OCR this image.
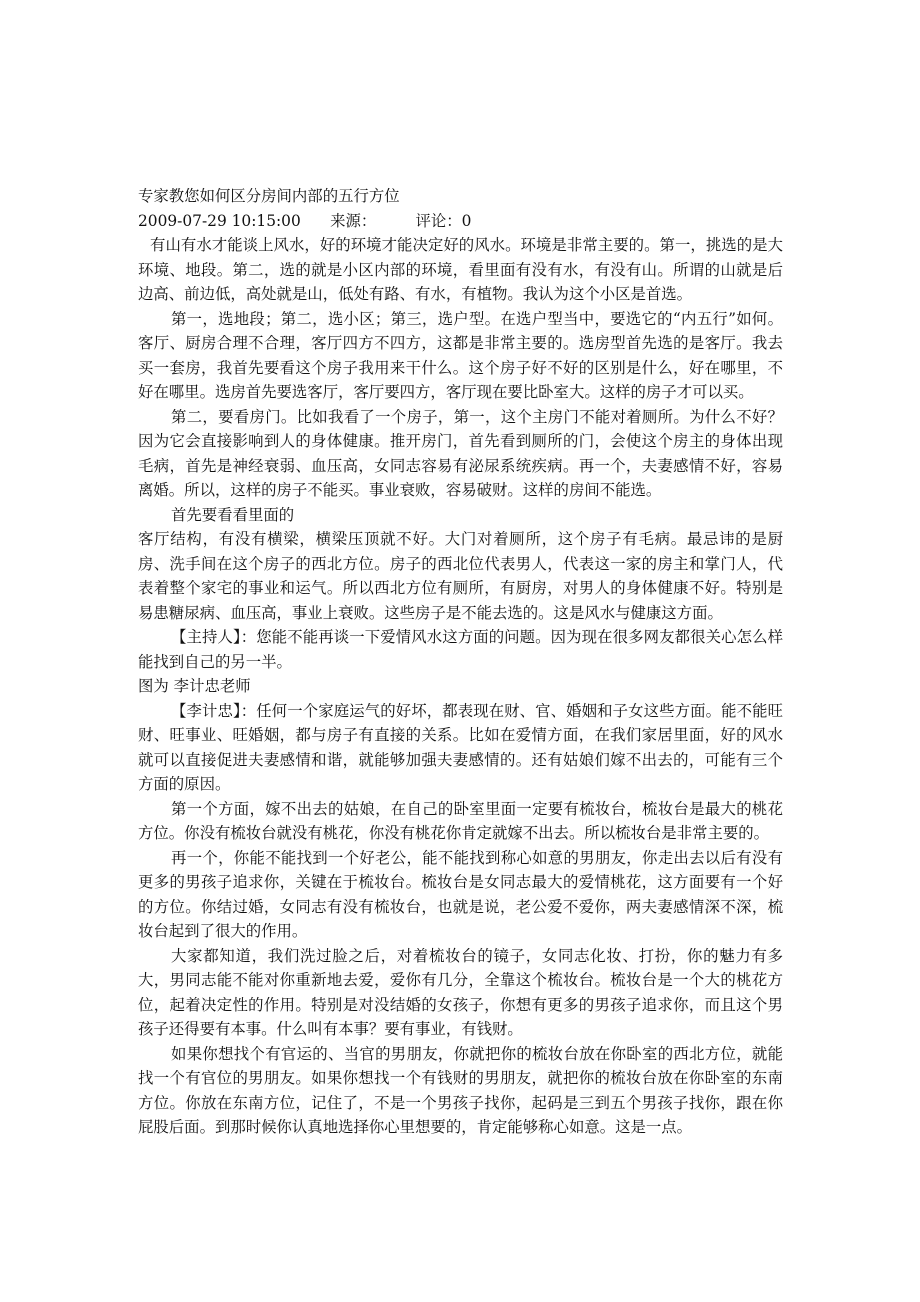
专家教您如何区分房间内部的五行方位

2009-07-29 10:15:00 来源：	评论：0

有山有水才能谈上风水，好的环境才能决定好的风水。环境是非常主要的。第一，挑选的是大环境、地段。第二，选的就是小区内部的环境，看里面有没有水，有没有山。所谓的山就是后边高、前边低，高处就是山，低处有路、有水，有植物。我认为这个小区是首选。

第一，选地段；第二，选小区；第三，选户型。在选户型当中，要选它的“内五行”如何。客厅、厨房合理不合理，客厅四方不四方，这都是非常主要的。选房型首先选的是客厅。我去买一套房，我首先要看这个房子我用来干什么。这个房子好不好的区别是什么，好在哪里，不好在哪里。选房首先要选客厅，客厅要四方，客厅现在要比卧室大。这样的房子才可以买。

第二，要看房门。比如我看了一个房子，第一，这个主房门不能对着厕所。为什么不好？因为它会直接影响到人的身体健康。推开房门，首先看到厕所的门，会使这个房主的身体出现毛病，首先是神经衰弱、血压高，女同志容易有泌尿系统疾病。再一个，夫妻感情不好，容易离婚。所以，这样的房子不能买。事业衰败，容易破财。这样的房间不能选。

首先要看看里面的

客厅结构，有没有横梁，横梁压顶就不好。大门对着厕所，这个房子有毛病。最忌讳的是厨房、洗手间在这个房子的西北方位。房子的西北位代表男人，代表这一家的房主和掌门人，代表着整个家宅的事业和运气。所以西北方位有厕所，有厨房，对男人的身体健康不好。特别是易患糖尿病、血压高，事业上衰败。这些房子是不能去选的。这是风水与健康这方面。

【主持人】：您能不能再谈一下爱情风水这方面的问题。因为现在很多网友都很关心怎么样能找到自己的另一半。

图为 李计忠老师

【李计忠】：任何一个家庭运气的好坏，都表现在财、官、婚姻和子女这些方面。能不能旺财、旺事业、旺婚姻，都与房子有直接的关系。比如在爱情方面，在我们家居里面，好的风水就可以直接促进夫妻感情和谐，就能够加强夫妻感情的。还有姑娘们嫁不出去的，可能有三个方面的原因。

第一个方面，嫁不出去的姑娘，在自己的卧室里面一定要有梳妆台，梳妆台是最大的桃花方位。你没有梳妆台就没有桃花，你没有桃花你肯定就嫁不出去。所以梳妆台是非常主要的。

再一个，你能不能找到一个好老公，能不能找到称心如意的男朋友，你走出去以后有没有更多的男孩子追求你，关键在于梳妆台。梳妆台是女同志最大的爱情桃花，这方面要有一个好的方位。你结过婚，女同志有没有梳妆台，也就是说，老公爱不爱你，两夫妻感情深不深，梳妆台起到了很大的作用。

大家都知道，我们洗过脸之后，对着梳妆台的镜子，女同志化妆、打扮，你的魅力有多大，男同志能不能对你重新地去爱，爱你有几分，全靠这个梳妆台。梳妆台是一个大的桃花方位，起着决定性的作用。特别是对没结婚的女孩子，你想有更多的男孩子追求你，而且这个男孩子还得要有本事。什么叫有本事？要有事业，有钱财。

如果你想找个有官运的、当官的男朋友，你就把你的梳妆台放在你卧室的西北方位，就能找一个有官位的男朋友。如果你想找一个有钱财的男朋友，就把你的梳妆台放在你卧室的东南方位。你放在东南方位，记住了，不是一个男孩子找你，起码是三到五个男孩子找你，跟在你屁股后面。到那时候你认真地选择你心里想要的，肯定能够称心如意。这是一点。
